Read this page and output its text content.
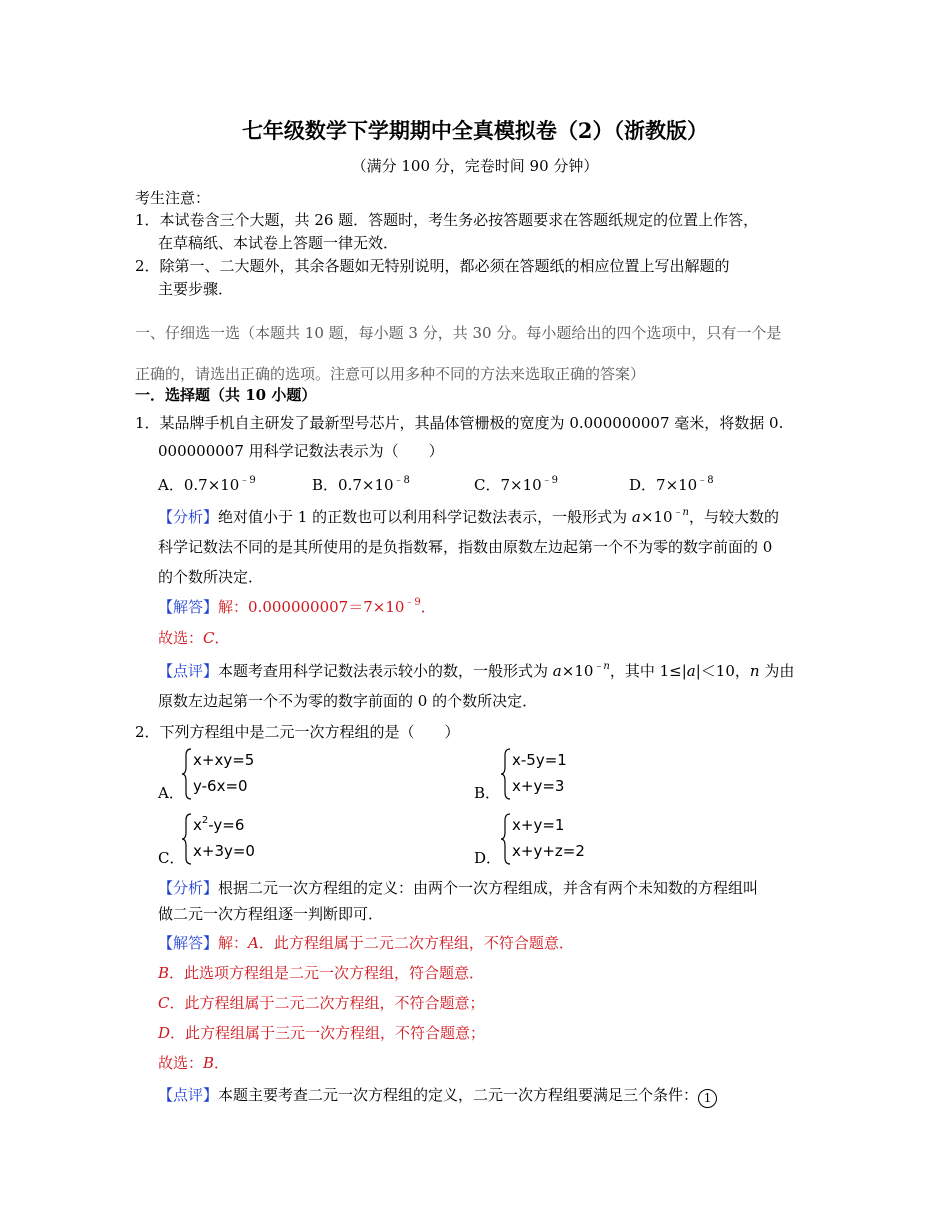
七年级数学下学期期中全真模拟卷（2）（浙教版）
（满分 100 分，完卷时间 90 分钟）
考生注意：
1．本试卷含三个大题，共 26 题．答题时，考生务必按答题要求在答题纸规定的位置上作答，
在草稿纸、本试卷上答题一律无效．
2．除第一、二大题外，其余各题如无特别说明，都必须在答题纸的相应位置上写出解题的
主要步骤．
一、仔细选一选（本题共 10 题，每小题 3 分，共 30 分。每小题给出的四个选项中，只有一个是
正确的，请选出正确的选项。注意可以用多种不同的方法来选取正确的答案）
一．选择题（共 10 小题）
1．某品牌手机自主研发了最新型号芯片，其晶体管栅极的宽度为 0.000000007 毫米，将数据 0.
000000007 用科学记数法表示为（　　）
A．$0.7\times 10^{﹣9}$	B．$0.7\times 10^{﹣8}$	C．$7\times 10^{﹣9}$	D．$7\times 10^{﹣8}$
【分析】绝对值小于 1 的正数也可以利用科学记数法表示，一般形式为 $a\times 10^{﹣n}$，与较大数的
科学记数法不同的是其所使用的是负指数幂，指数由原数左边起第一个不为零的数字前面的 0
的个数所决定．
【解答】解：$0.000000007=7\times 10^{﹣9}$．
故选：C．
【点评】本题考查用科学记数法表示较小的数，一般形式为 $a\times 10^{﹣n}$，其中 1≤|a|＜10，n 为由
原数左边起第一个不为零的数字前面的 0 的个数所决定．
2．下列方程组中是二元一次方程组的是（　　）
A．
x+xy=5
y-6x=0	B．
x-5y=1
x+y=3
C．
$x^2-y=6$
x+3y=0	D．
x+y=1
x+y+z=2
【分析】根据二元一次方程组的定义：由两个一次方程组成，并含有两个未知数的方程组叫
做二元一次方程组逐一判断即可．
【解答】解：A．此方程组属于二元二次方程组，不符合题意．
B．此选项方程组是二元一次方程组，符合题意．
C．此方程组属于二元二次方程组，不符合题意；
D．此方程组属于三元一次方程组，不符合题意；
故选：B．
【点评】本题主要考查二元一次方程组的定义，二元一次方程组要满足三个条件： 1
